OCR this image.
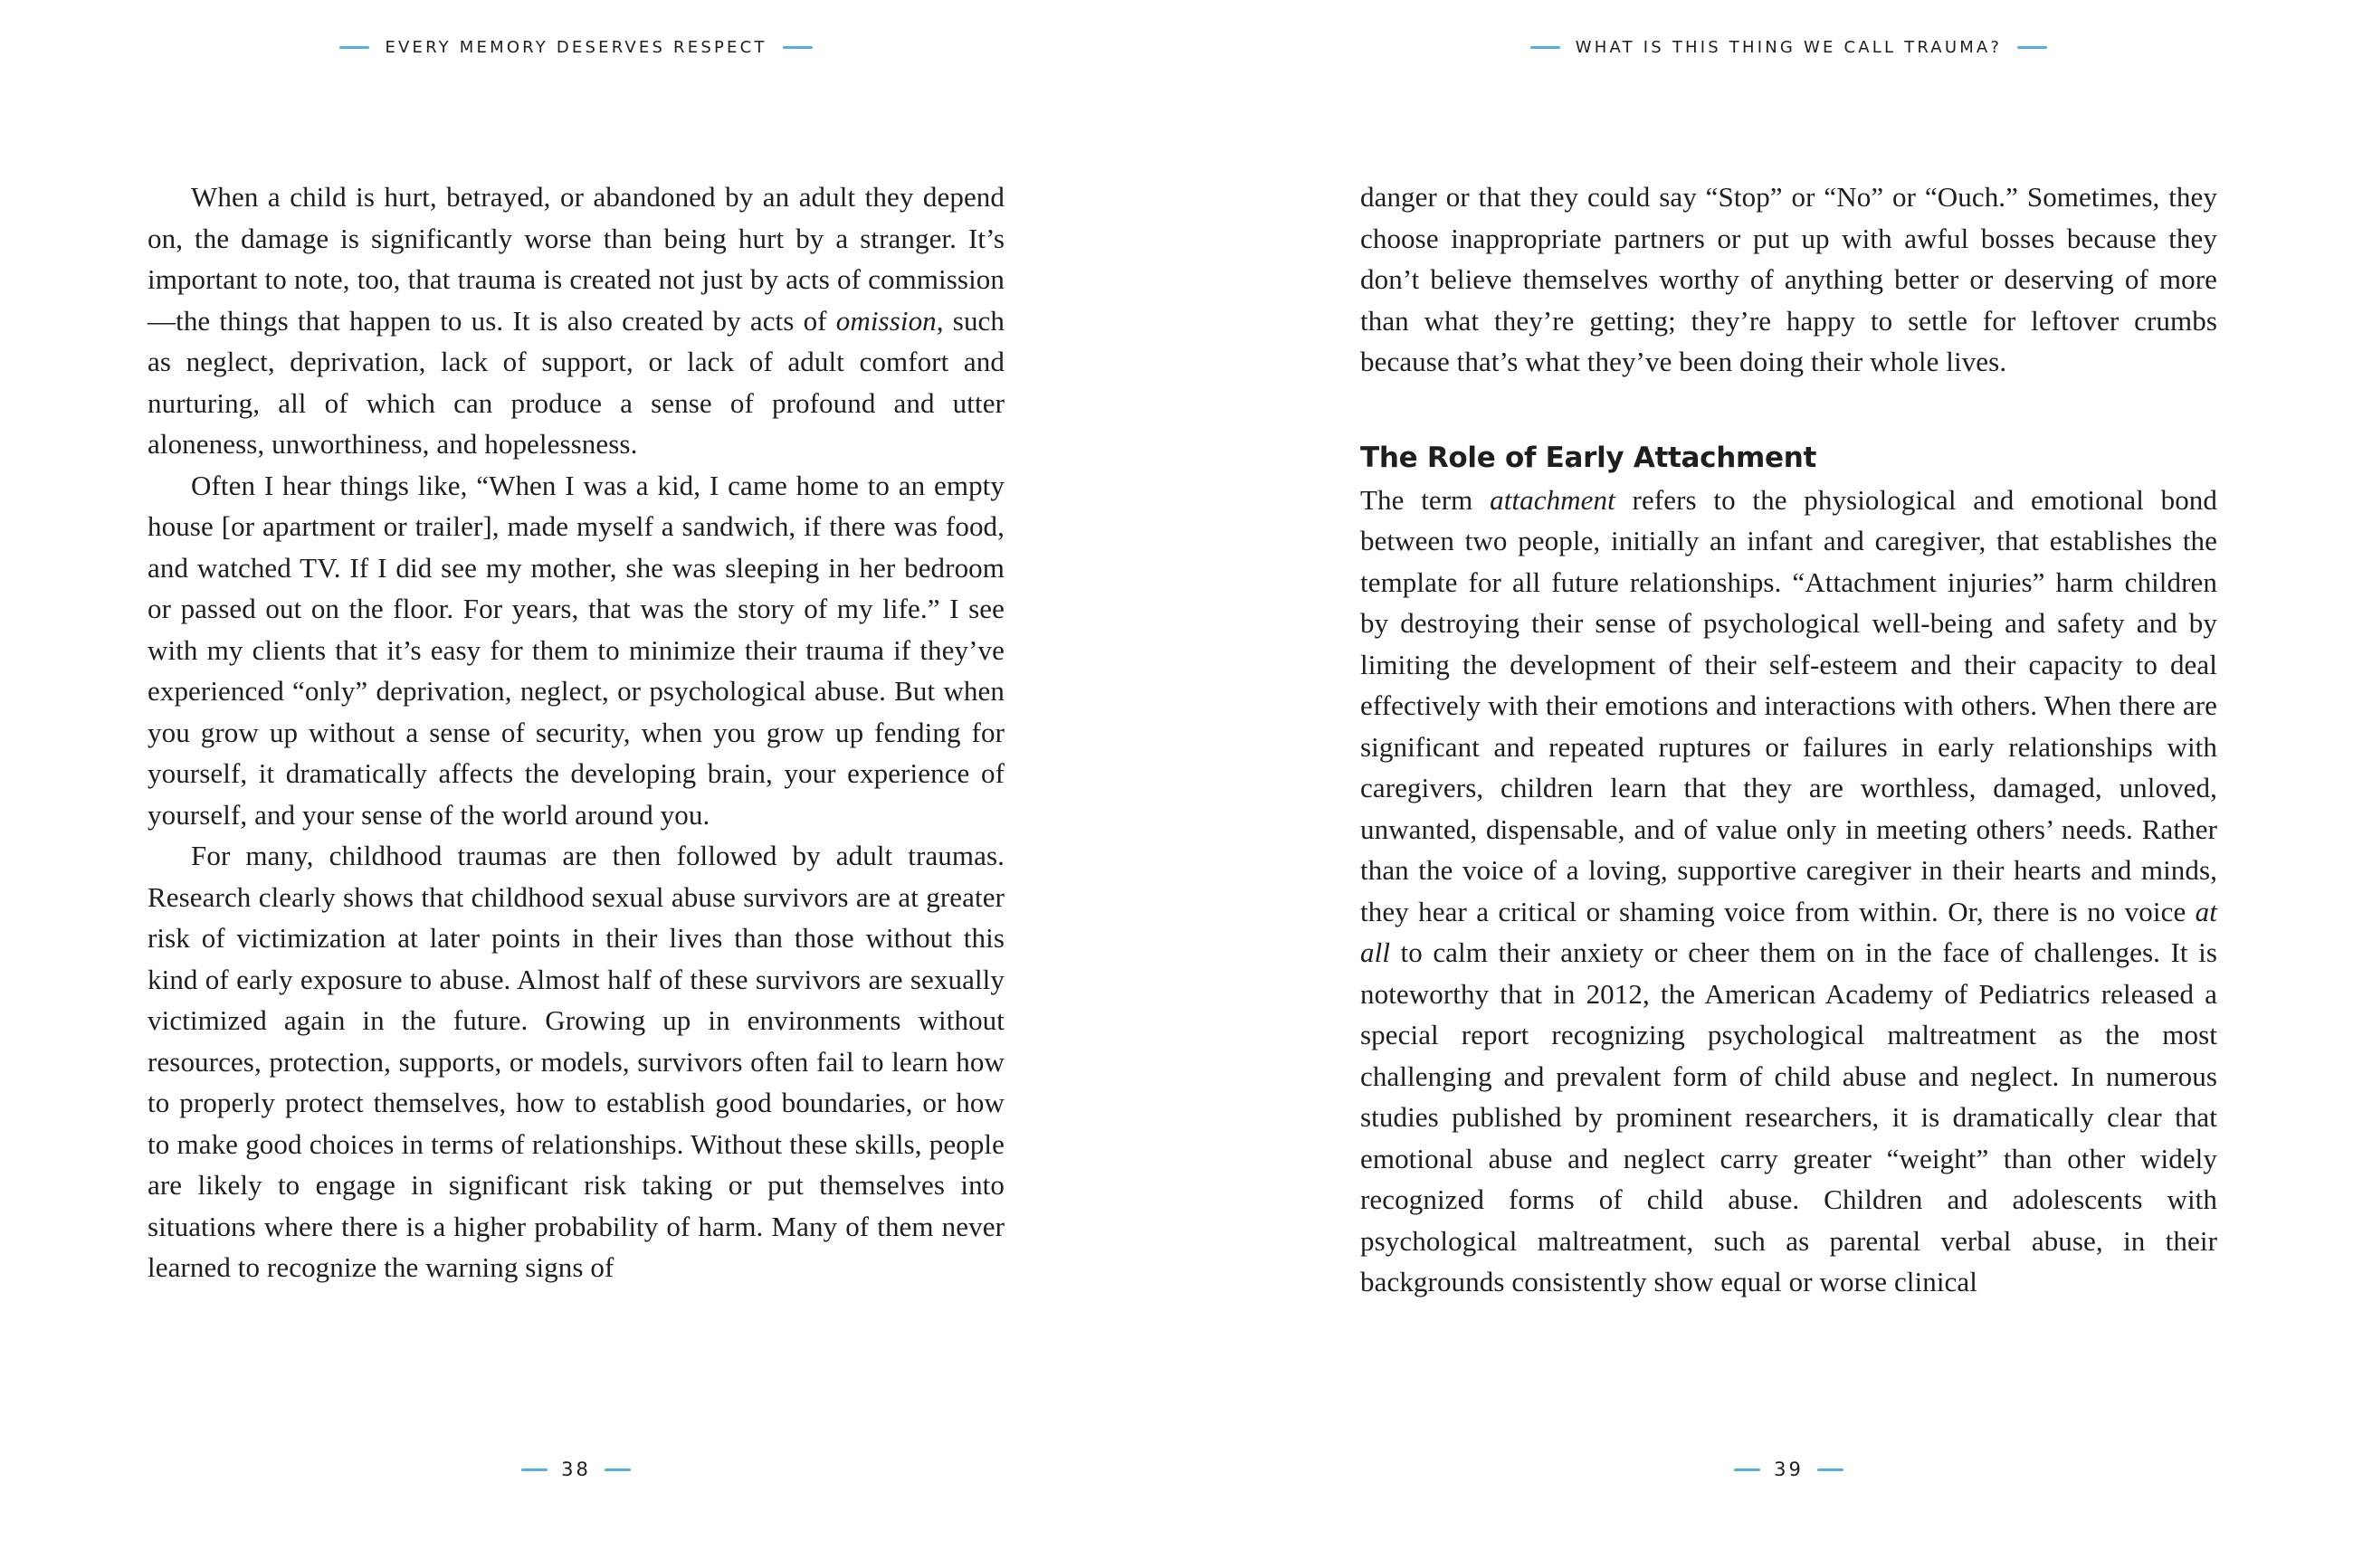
EVERY MEMORY DESERVES RESPECT

When a child is hurt, betrayed, or abandoned by an adult they depend on, the damage is significantly worse than being hurt by a stranger. It’s important to note, too, that trauma is created not just by acts of commission—the things that happen to us. It is also created by acts of omission, such as neglect, deprivation, lack of support, or lack of adult comfort and nurturing, all of which can produce a sense of profound and utter aloneness, unworthiness, and hopelessness.

Often I hear things like, “When I was a kid, I came home to an empty house [or apartment or trailer], made myself a sandwich, if there was food, and watched TV. If I did see my mother, she was sleeping in her bedroom or passed out on the floor. For years, that was the story of my life.” I see with my clients that it’s easy for them to minimize their trauma if they’ve experienced “only” deprivation, neglect, or psychological abuse. But when you grow up without a sense of security, when you grow up fending for yourself, it dramatically affects the developing brain, your experience of yourself, and your sense of the world around you.

For many, childhood traumas are then followed by adult traumas. Research clearly shows that childhood sexual abuse survivors are at greater risk of victimization at later points in their lives than those without this kind of early exposure to abuse. Almost half of these survivors are sexually victimized again in the future. Growing up in environments without resources, protection, supports, or models, survivors often fail to learn how to properly protect themselves, how to establish good boundaries, or how to make good choices in terms of relationships. Without these skills, people are likely to engage in significant risk taking or put themselves into situations where there is a higher probability of harm. Many of them never learned to recognize the warning signs of

38
WHAT IS THIS THING WE CALL TRAUMA?

danger or that they could say “Stop” or “No” or “Ouch.” Sometimes, they choose inappropriate partners or put up with awful bosses because they don’t believe themselves worthy of anything better or deserving of more than what they’re getting; they’re happy to settle for leftover crumbs because that’s what they’ve been doing their whole lives.

The Role of Early Attachment

The term attachment refers to the physiological and emotional bond between two people, initially an infant and caregiver, that establishes the template for all future relationships. “Attachment injuries” harm children by destroying their sense of psychological well-being and safety and by limiting the development of their self-esteem and their capacity to deal effectively with their emotions and interactions with others. When there are significant and repeated ruptures or failures in early relationships with caregivers, children learn that they are worthless, damaged, unloved, unwanted, dispensable, and of value only in meeting others’ needs. Rather than the voice of a loving, supportive caregiver in their hearts and minds, they hear a critical or shaming voice from within. Or, there is no voice at all to calm their anxiety or cheer them on in the face of challenges. It is noteworthy that in 2012, the American Academy of Pediatrics released a special report recognizing psychological maltreatment as the most challenging and prevalent form of child abuse and neglect. In numerous studies published by prominent researchers, it is dramatically clear that emotional abuse and neglect carry greater “weight” than other widely recognized forms of child abuse. Children and adolescents with psychological maltreatment, such as parental verbal abuse, in their backgrounds consistently show equal or worse clinical

39
